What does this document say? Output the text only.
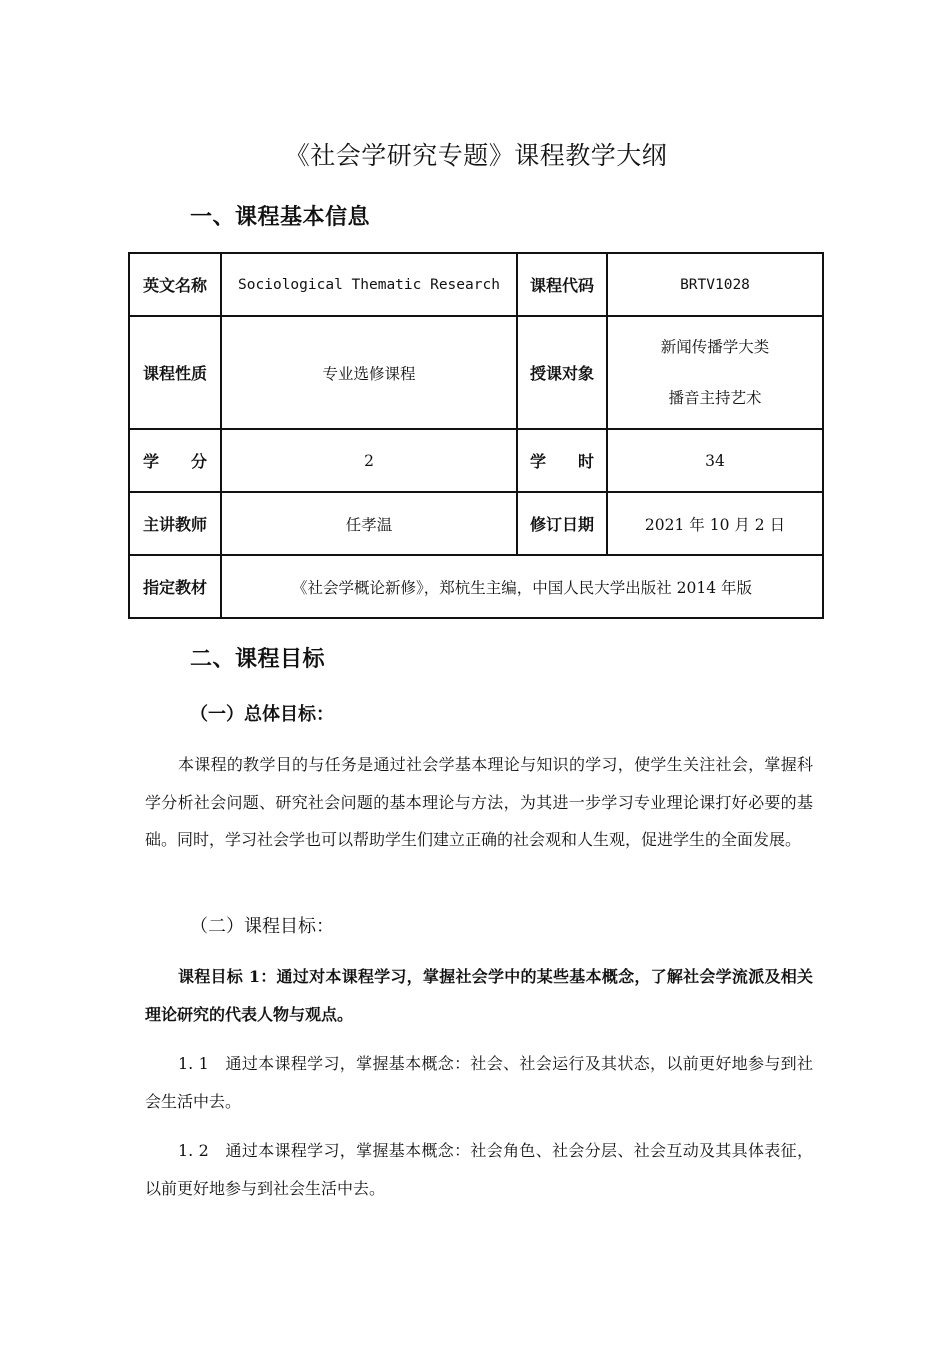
《社会学研究专题》课程教学大纲
一、课程基本信息
英文名称	Sociological Thematic Research	课程代码	BRTV1028
课程性质	专业选修课程	授课对象	新闻传播学大类
播音主持艺术

学　　分	2	学　　时	34
主讲教师	任孝温	修订日期	2021 年 10 月 2 日
指定教材	《社会学概论新修》，郑杭生主编，中国人民大学出版社 2014 年版		
二、课程目标
（一）总体目标：

本课程的教学目的与任务是通过社会学基本理论与知识的学习，使学生关注社会，掌握科学分析社会问题、研究社会问题的基本理论与方法，为其进一步学习专业理论课打好必要的基础。同时，学习社会学也可以帮助学生们建立正确的社会观和人生观，促进学生的全面发展。

（二）课程目标：

课程目标 1：通过对本课程学习，掌握社会学中的某些基本概念，了解社会学流派及相关理论研究的代表人物与观点。

1. 1　通过本课程学习，掌握基本概念：社会、社会运行及其状态，以前更好地参与到社会生活中去。

1. 2　通过本课程学习，掌握基本概念：社会角色、社会分层、社会互动及其具体表征，以前更好地参与到社会生活中去。
